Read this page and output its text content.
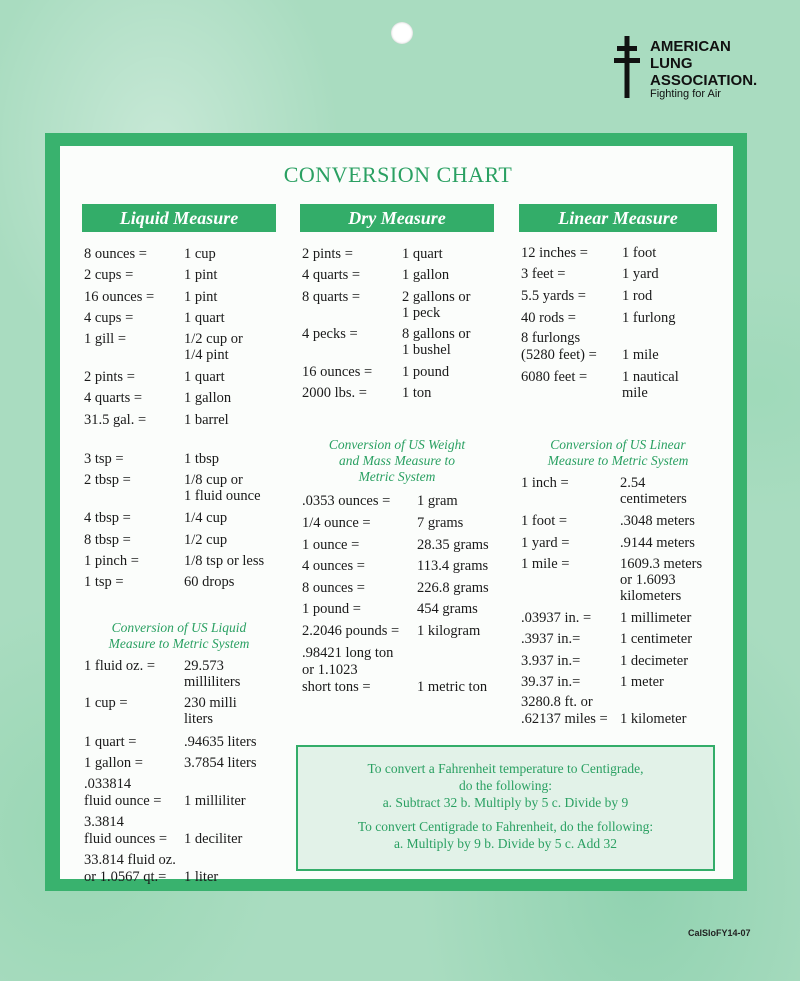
AMERICAN
LUNG
ASSOCIATION.
Fighting for Air
CONVERSION CHART
Liquid Measure	Dry Measure	Linear Measure
8 ounces =	1 cup
2 cups =	1 pint
16 ounces = 1 pint
4 cups =	1 quart
1 gill =	1/2 cup or
1/4 pint
2 pints =	1 quart
4 quarts =	1 gallon
31.5 gal. =	1 barrel
3 tsp =	1 tbsp
2 tbsp =	1/8 cup or
1 fluid ounce
4 tbsp =	1/4 cup
8 tbsp =	1/2 cup
1 pinch =	1/8 tsp or less
1 tsp =	60 drops
Conversion of US Liquid
Measure to Metric System
1 fluid oz. = 29.573
milliliters
1 cup =	230 milli
liters
1 quart =	.94635 liters
1 gallon =	3.7854 liters
.033814
fluid ounce = 1 milliliter
3.3814
fluid ounces = 1 deciliter
33.814 fluid oz.
or 1.0567 qt.= 1 liter
2 pints =	1 quart
4 quarts =	1 gallon
8 quarts =	2 gallons or
1 peck
4 pecks =	8 gallons or
1 bushel
16 ounces = 1 pound
2000 lbs. = 1 ton
Conversion of US Weight
and Mass Measure to
Metric System
.0353 ounces = 1 gram
1/4 ounce =	7 grams
1 ounce =	28.35 grams
4 ounces =	113.4 grams
8 ounces =	226.8 grams
1 pound =	454 grams
2.2046 pounds = 1 kilogram
.98421 long ton
or 1.1023
short tons =	1 metric ton
12 inches = 1 foot
3 feet =	1 yard
5.5 yards = 1 rod
40 rods =	1 furlong
8 furlongs
(5280 feet) = 1 mile
6080 feet = 1 nautical
mile
Conversion of US Linear
Measure to Metric System
1 inch =	2.54
centimeters
1 foot =	.3048 meters
1 yard =	.9144 meters
1 mile =	1609.3 meters
or 1.6093
kilometers
.03937 in. = 1 millimeter
.3937 in.=	1 centimeter
3.937 in.=	1 decimeter
39.37 in.=	1 meter
3280.8 ft. or
.62137 miles = 1 kilometer
To convert a Fahrenheit temperature to Centigrade,
do the following:
a. Subtract 32 b. Multiply by 5 c. Divide by 9
To convert Centigrade to Fahrenheit, do the following:
a. Multiply by 9 b. Divide by 5 c. Add 32
CalSloFY14-07
